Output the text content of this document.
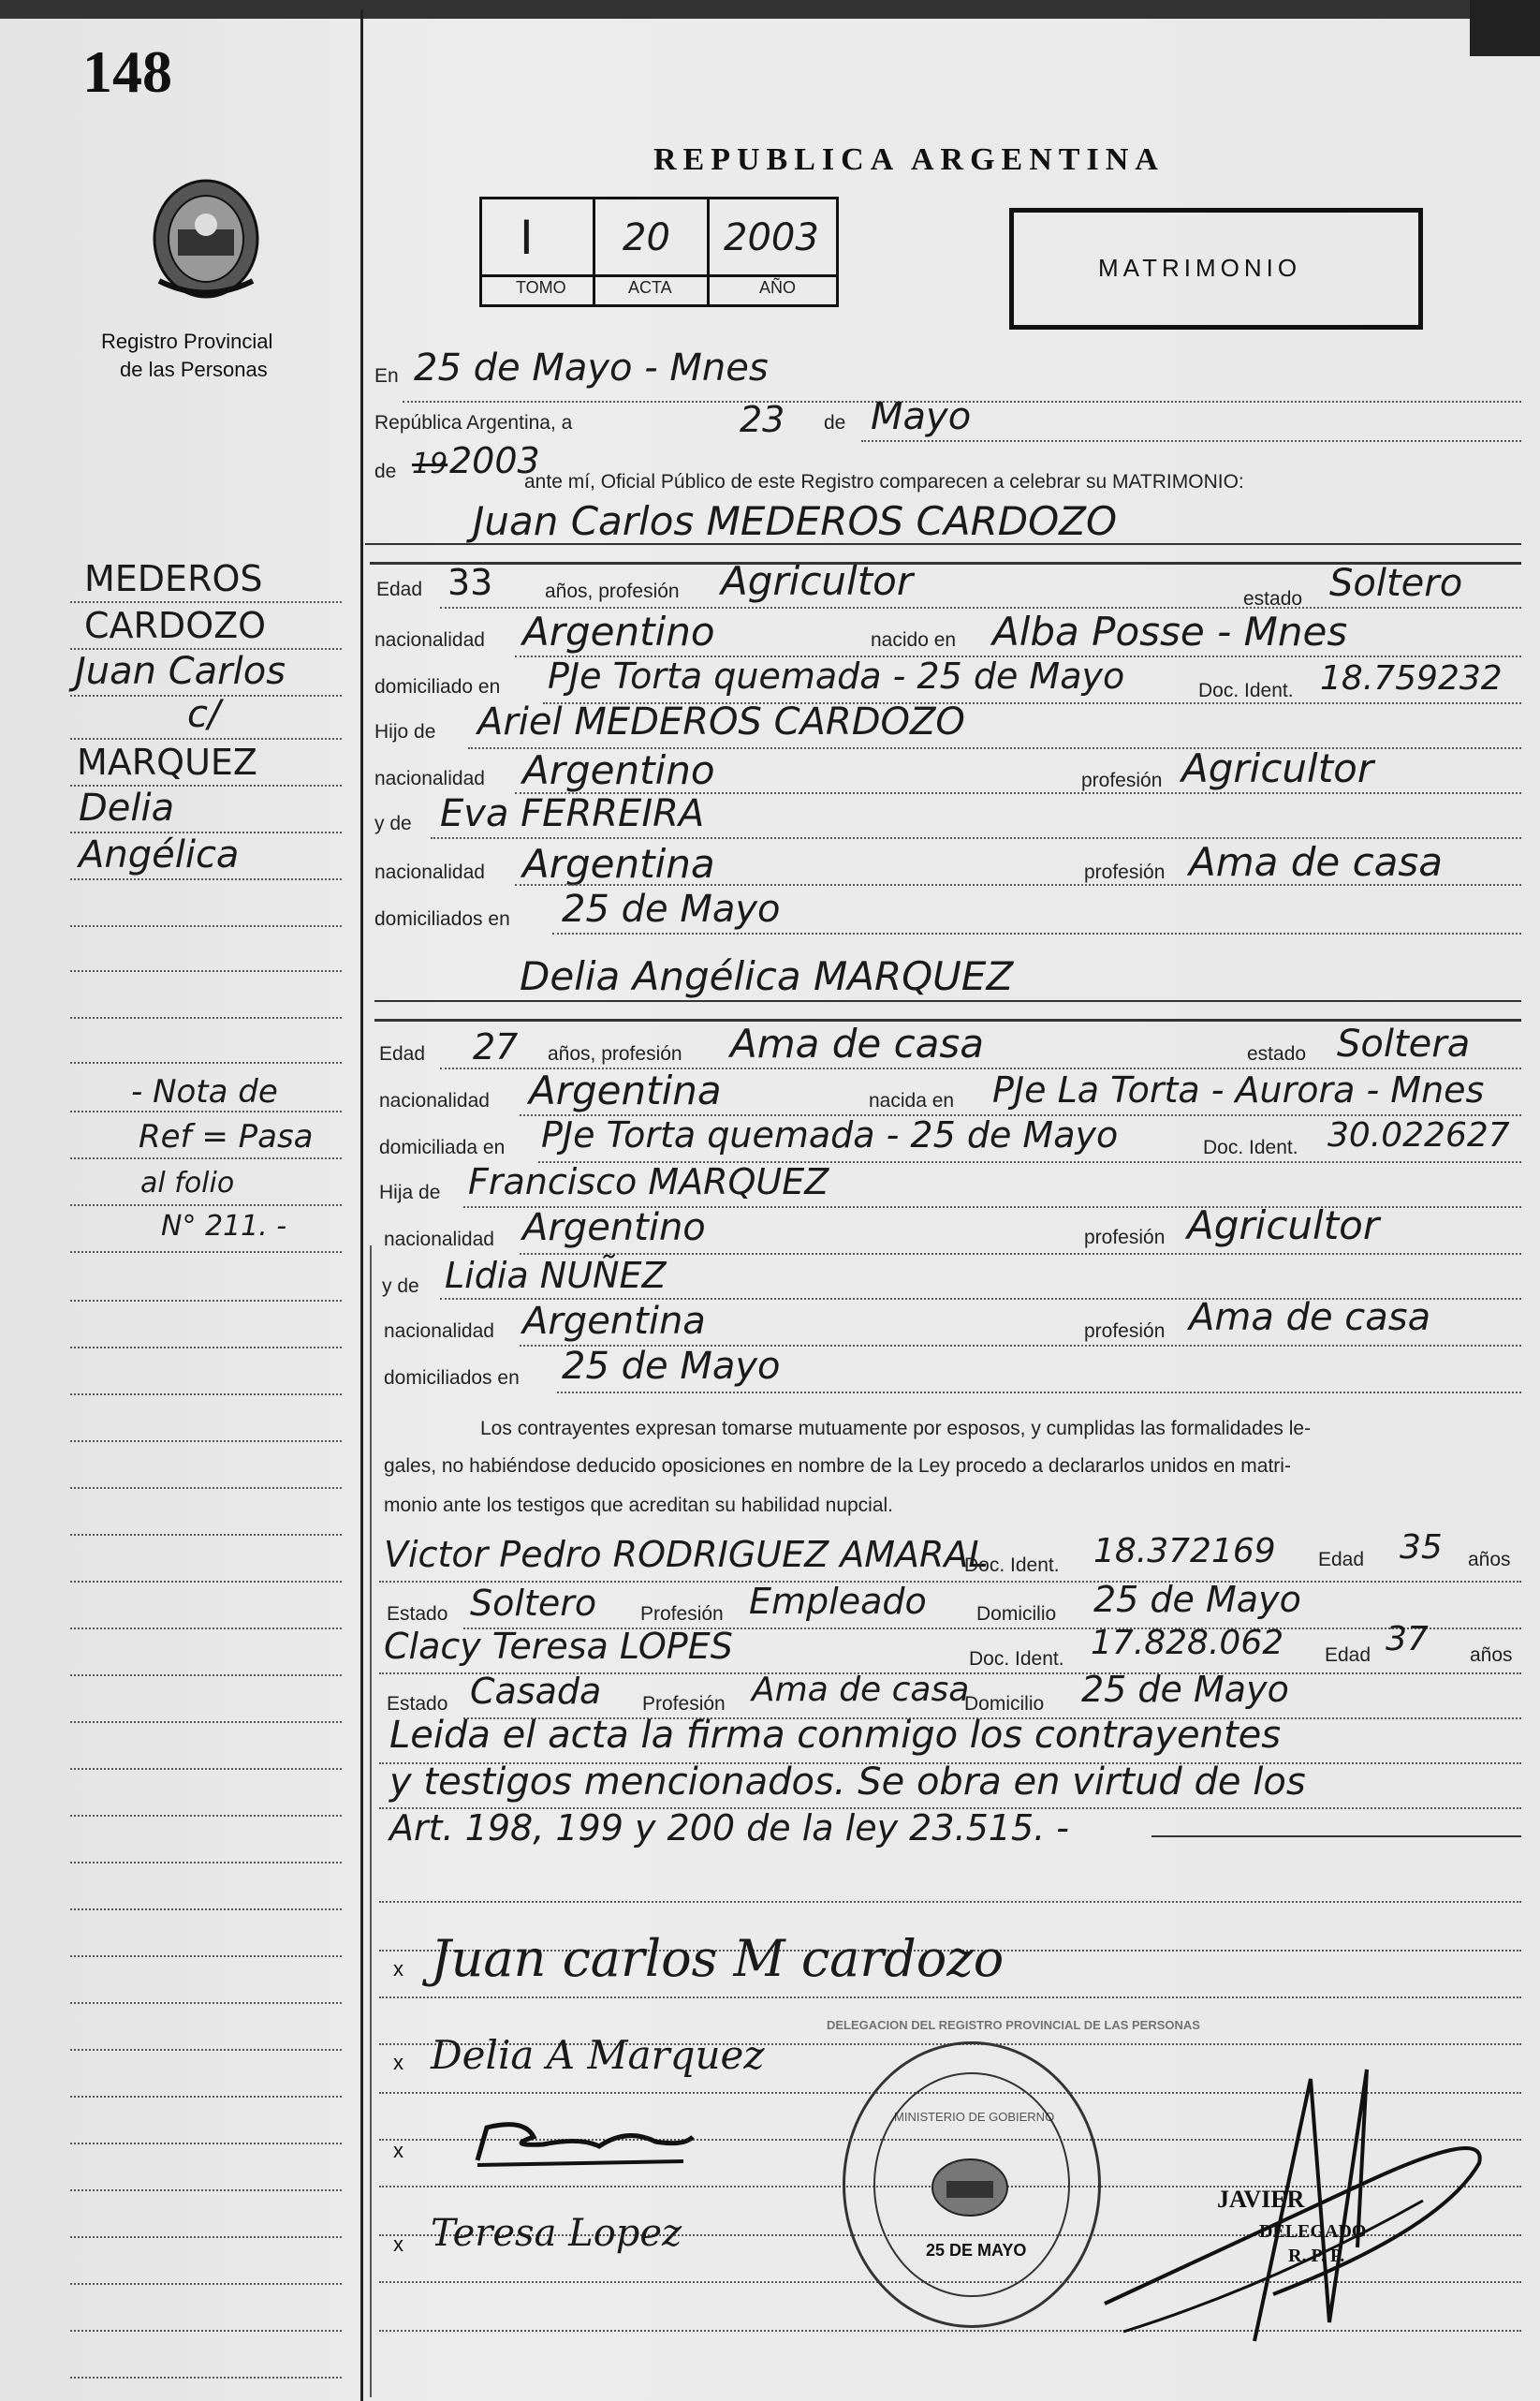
148
Registro Provincial
de las Personas
REPUBLICA ARGENTINA
I 20 2003
TOMO	ACTA	AÑO
MATRIMONIO
En 25 de Mayo - Mnes
República Argentina, a	23 de Mayo
de 19 2003
ante mí, Oficial Público de este Registro comparecen a celebrar su MATRIMONIO:
Juan Carlos MEDEROS CARDOZO
Edad 33	años, profesión Agricultor	estado Soltero
nacionalidad Argentino	nacido en Alba Posse - Mnes
domiciliado en PJe Torta quemada - 25 de Mayo	Doc. Ident. 18.759232
Hijo de Ariel MEDEROS CARDOZO
nacionalidad Argentino	profesión Agricultor
y de Eva FERREIRA
nacionalidad Argentina	profesión Ama de casa
domiciliados en 25 de Mayo
Delia Angélica MARQUEZ
Edad 27 años, profesión Ama de casa	estado Soltera
nacionalidad Argentina	nacida en PJe La Torta - Aurora - Mnes
domiciliada en PJe Torta quemada - 25 de Mayo	Doc. Ident. 30.022627
Hija de Francisco MARQUEZ
nacionalidad Argentino	profesión Agricultor
y de Lidia NUÑEZ
nacionalidad Argentina	profesión Ama de casa
domiciliados en 25 de Mayo
Los contrayentes expresan tomarse mutuamente por esposos, y cumplidas las formalidades le-
gales, no habiéndose deducido oposiciones en nombre de la Ley procedo a declararlos unidos en matri-
monio ante los testigos que acreditan su habilidad nupcial.
Victor Pedro RODRIGUEZ AMARAL
Doc. Ident. 18.372169 Edad 35 años
Estado Soltero Profesión Empleado	Domicilio 25 de Mayo
Clacy Teresa LOPES	Doc. Ident. 17.828.062 Edad 37 años
Estado Casada Profesión Ama de casa
Domicilio 25 de Mayo
Leida el acta la firma conmigo los contrayentes
y testigos mencionados. Se obra en virtud de los
Art. 198, 199 y 200 de la ley 23.515. -
x Juan carlos M cardozo
x Delia A Marquez
x
x Teresa Lopez
DELEGACION DEL REGISTRO PROVINCIAL DE LAS PERSONAS
MINISTERIO DE GOBIERNO
25 DE MAYO
JAVIER
DELEGADO
R. P. P.
MEDEROS
CARDOZO
Juan Carlos
c/
MARQUEZ
Delia
Angélica
- Nota de
Ref = Pasa
al folio
N° 211. -
